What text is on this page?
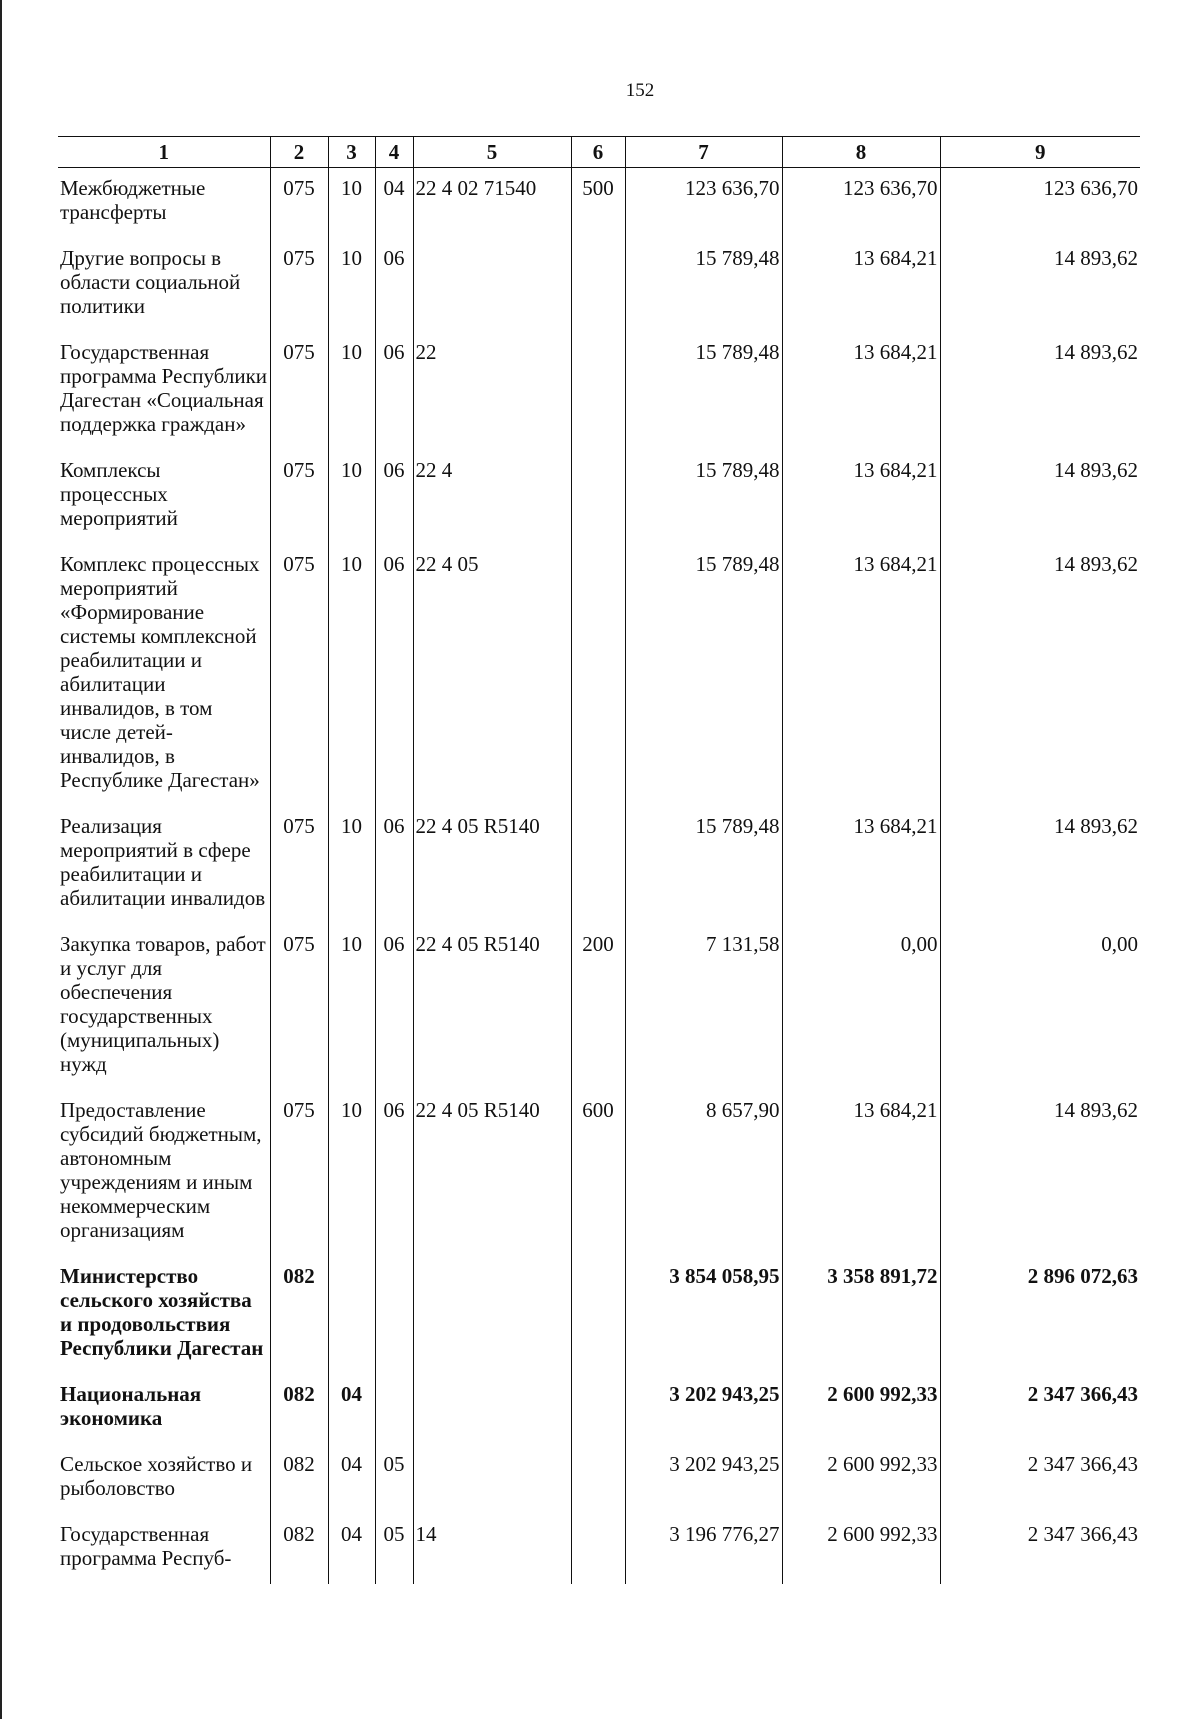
152
1	2	3	4	5	6	7	8	9
Межбюджетные трансферты	075	10	04	22 4 02 71540	500	123 636,70	123 636,70	123 636,70
Другие вопросы в области социальной политики	075	10	06			15 789,48	13 684,21	14 893,62
Государственная программа Республики Дагестан «Социальная поддержка граждан»	075	10	06	22		15 789,48	13 684,21	14 893,62
Комплексы процессных мероприятий	075	10	06	22 4		15 789,48	13 684,21	14 893,62
Комплекс процессных мероприятий «Формирование системы комплексной реабилитации и абилитации инвалидов, в том числе детей-инвалидов, в Республике Дагестан»	075	10	06	22 4 05		15 789,48	13 684,21	14 893,62
Реализация мероприятий в сфере реабилитации и абилитации инвалидов	075	10	06	22 4 05 R5140		15 789,48	13 684,21	14 893,62
Закупка товаров, работ и услуг для обеспечения государственных (муниципальных) нужд	075	10	06	22 4 05 R5140	200	7 131,58	0,00	0,00
Предоставление субсидий бюджетным, автономным учреждениям и иным некоммерческим организациям	075	10	06	22 4 05 R5140	600	8 657,90	13 684,21	14 893,62
Министерство сельского хозяйства и продовольствия Республики Дагестан	082					3 854 058,95	3 358 891,72	2 896 072,63
Национальная экономика	082	04				3 202 943,25	2 600 992,33	2 347 366,43
Сельское хозяйство и рыболовство	082	04	05			3 202 943,25	2 600 992,33	2 347 366,43
Государственная программа Респуб-	082	04	05	14		3 196 776,27	2 600 992,33	2 347 366,43
